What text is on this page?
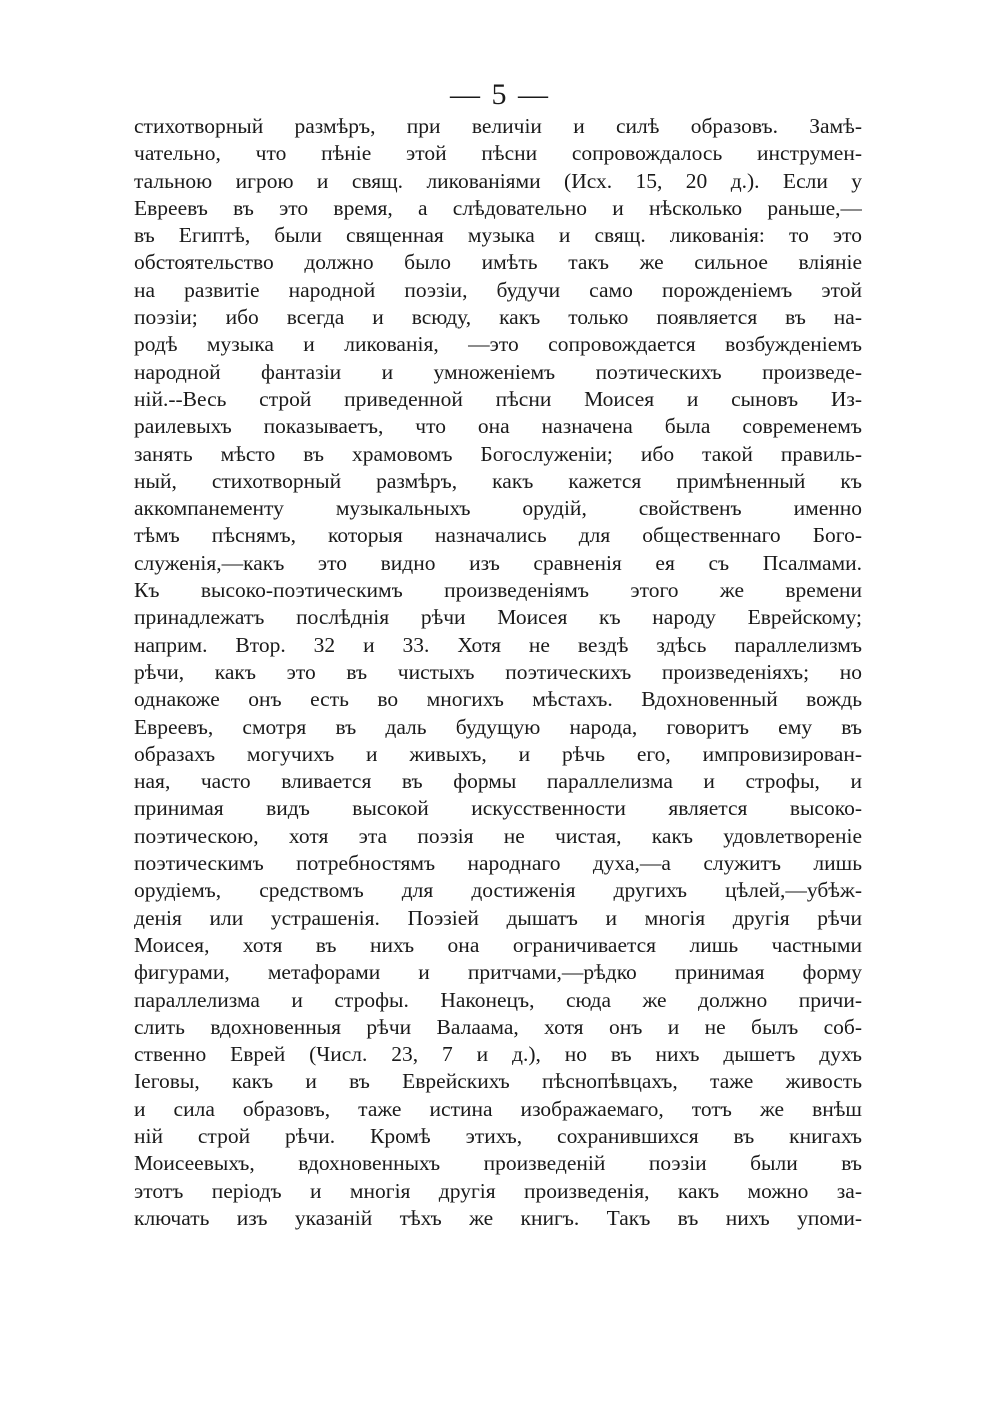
— 5 —
стихотворный размѣръ, при величіи и силѣ образовъ. Замѣ-
чательно, что пѣніе этой пѣсни сопровождалось инструмен-
тальною игрою и свящ. ликованіями (Исх. 15, 20 д.). Если у
Евреевъ въ это время, а слѣдовательно и нѣсколько раньше,—
въ Египтѣ, были священная музыка и свящ. ликованія: то это
обстоятельство должно было имѣть такъ же сильное вліяніе
на развитіе народной поэзіи, будучи само порожденіемъ этой
поэзіи; ибо всегда и всюду, какъ только появляется въ на-
родѣ музыка и ликованія, —это сопровождается возбужденіемъ
народной фантазіи и умноженіемъ поэтическихъ произведе-
ній.--Весь строй приведенной пѣсни Моисея и сыновъ Из-
раилевыхъ показываетъ, что она назначена была современемъ
занять мѣсто въ храмовомъ Богослуженіи; ибо такой правиль-
ный, стихотворный размѣръ, какъ кажется примѣненный къ
аккомпанементу музыкальныхъ орудій, свойственъ именно
тѣмъ пѣснямъ, которыя назначались для общественнаго Бого-
служенія,—какъ это видно изъ сравненія ея съ Псалмами.
Къ высоко-поэтическимъ произведеніямъ этого же времени
принадлежатъ послѣднія рѣчи Моисея къ народу Еврейскому;
наприм. Втор. 32 и 33. Хотя не вездѣ здѣсь параллелизмъ
рѣчи, какъ это въ чистыхъ поэтическихъ произведеніяхъ; но
однакоже онъ есть во многихъ мѣстахъ. Вдохновенный вождь
Евреевъ, смотря въ даль будущую народа, говоритъ ему въ
образахъ могучихъ и живыхъ, и рѣчь его, импровизирован-
ная, часто вливается въ формы параллелизма и строфы, и
принимая видъ высокой искусственности является высоко-
поэтическою, хотя эта поэзія не чистая, какъ удовлетвореніе
поэтическимъ потребностямъ народнаго духа,—а служитъ лишь
орудіемъ, средствомъ для достиженія другихъ цѣлей,—убѣж-
денія или устрашенія. Поэзіей дышатъ и многія другія рѣчи
Моисея, хотя въ нихъ она ограничивается лишь частными
фигурами, метафорами и притчами,—рѣдко принимая форму
параллелизма и строфы. Наконецъ, сюда же должно причи-
слить вдохновенныя рѣчи Валаама, хотя онъ и не былъ соб-
ственно Еврей (Числ. 23, 7 и д.), но въ нихъ дышетъ духъ
Іеговы, какъ и въ Еврейскихъ пѣснопѣвцахъ, таже живость
и сила образовъ, таже истина изображаемаго, тотъ же внѣш
ній строй рѣчи. Кромѣ этихъ, сохранившихся въ книгахъ
Моисеевыхъ, вдохновенныхъ произведеній поэзіи были въ
этотъ періодъ и многія другія произведенія, какъ можно за-
ключать изъ указаній тѣхъ же книгъ. Такъ въ нихъ упоми-
